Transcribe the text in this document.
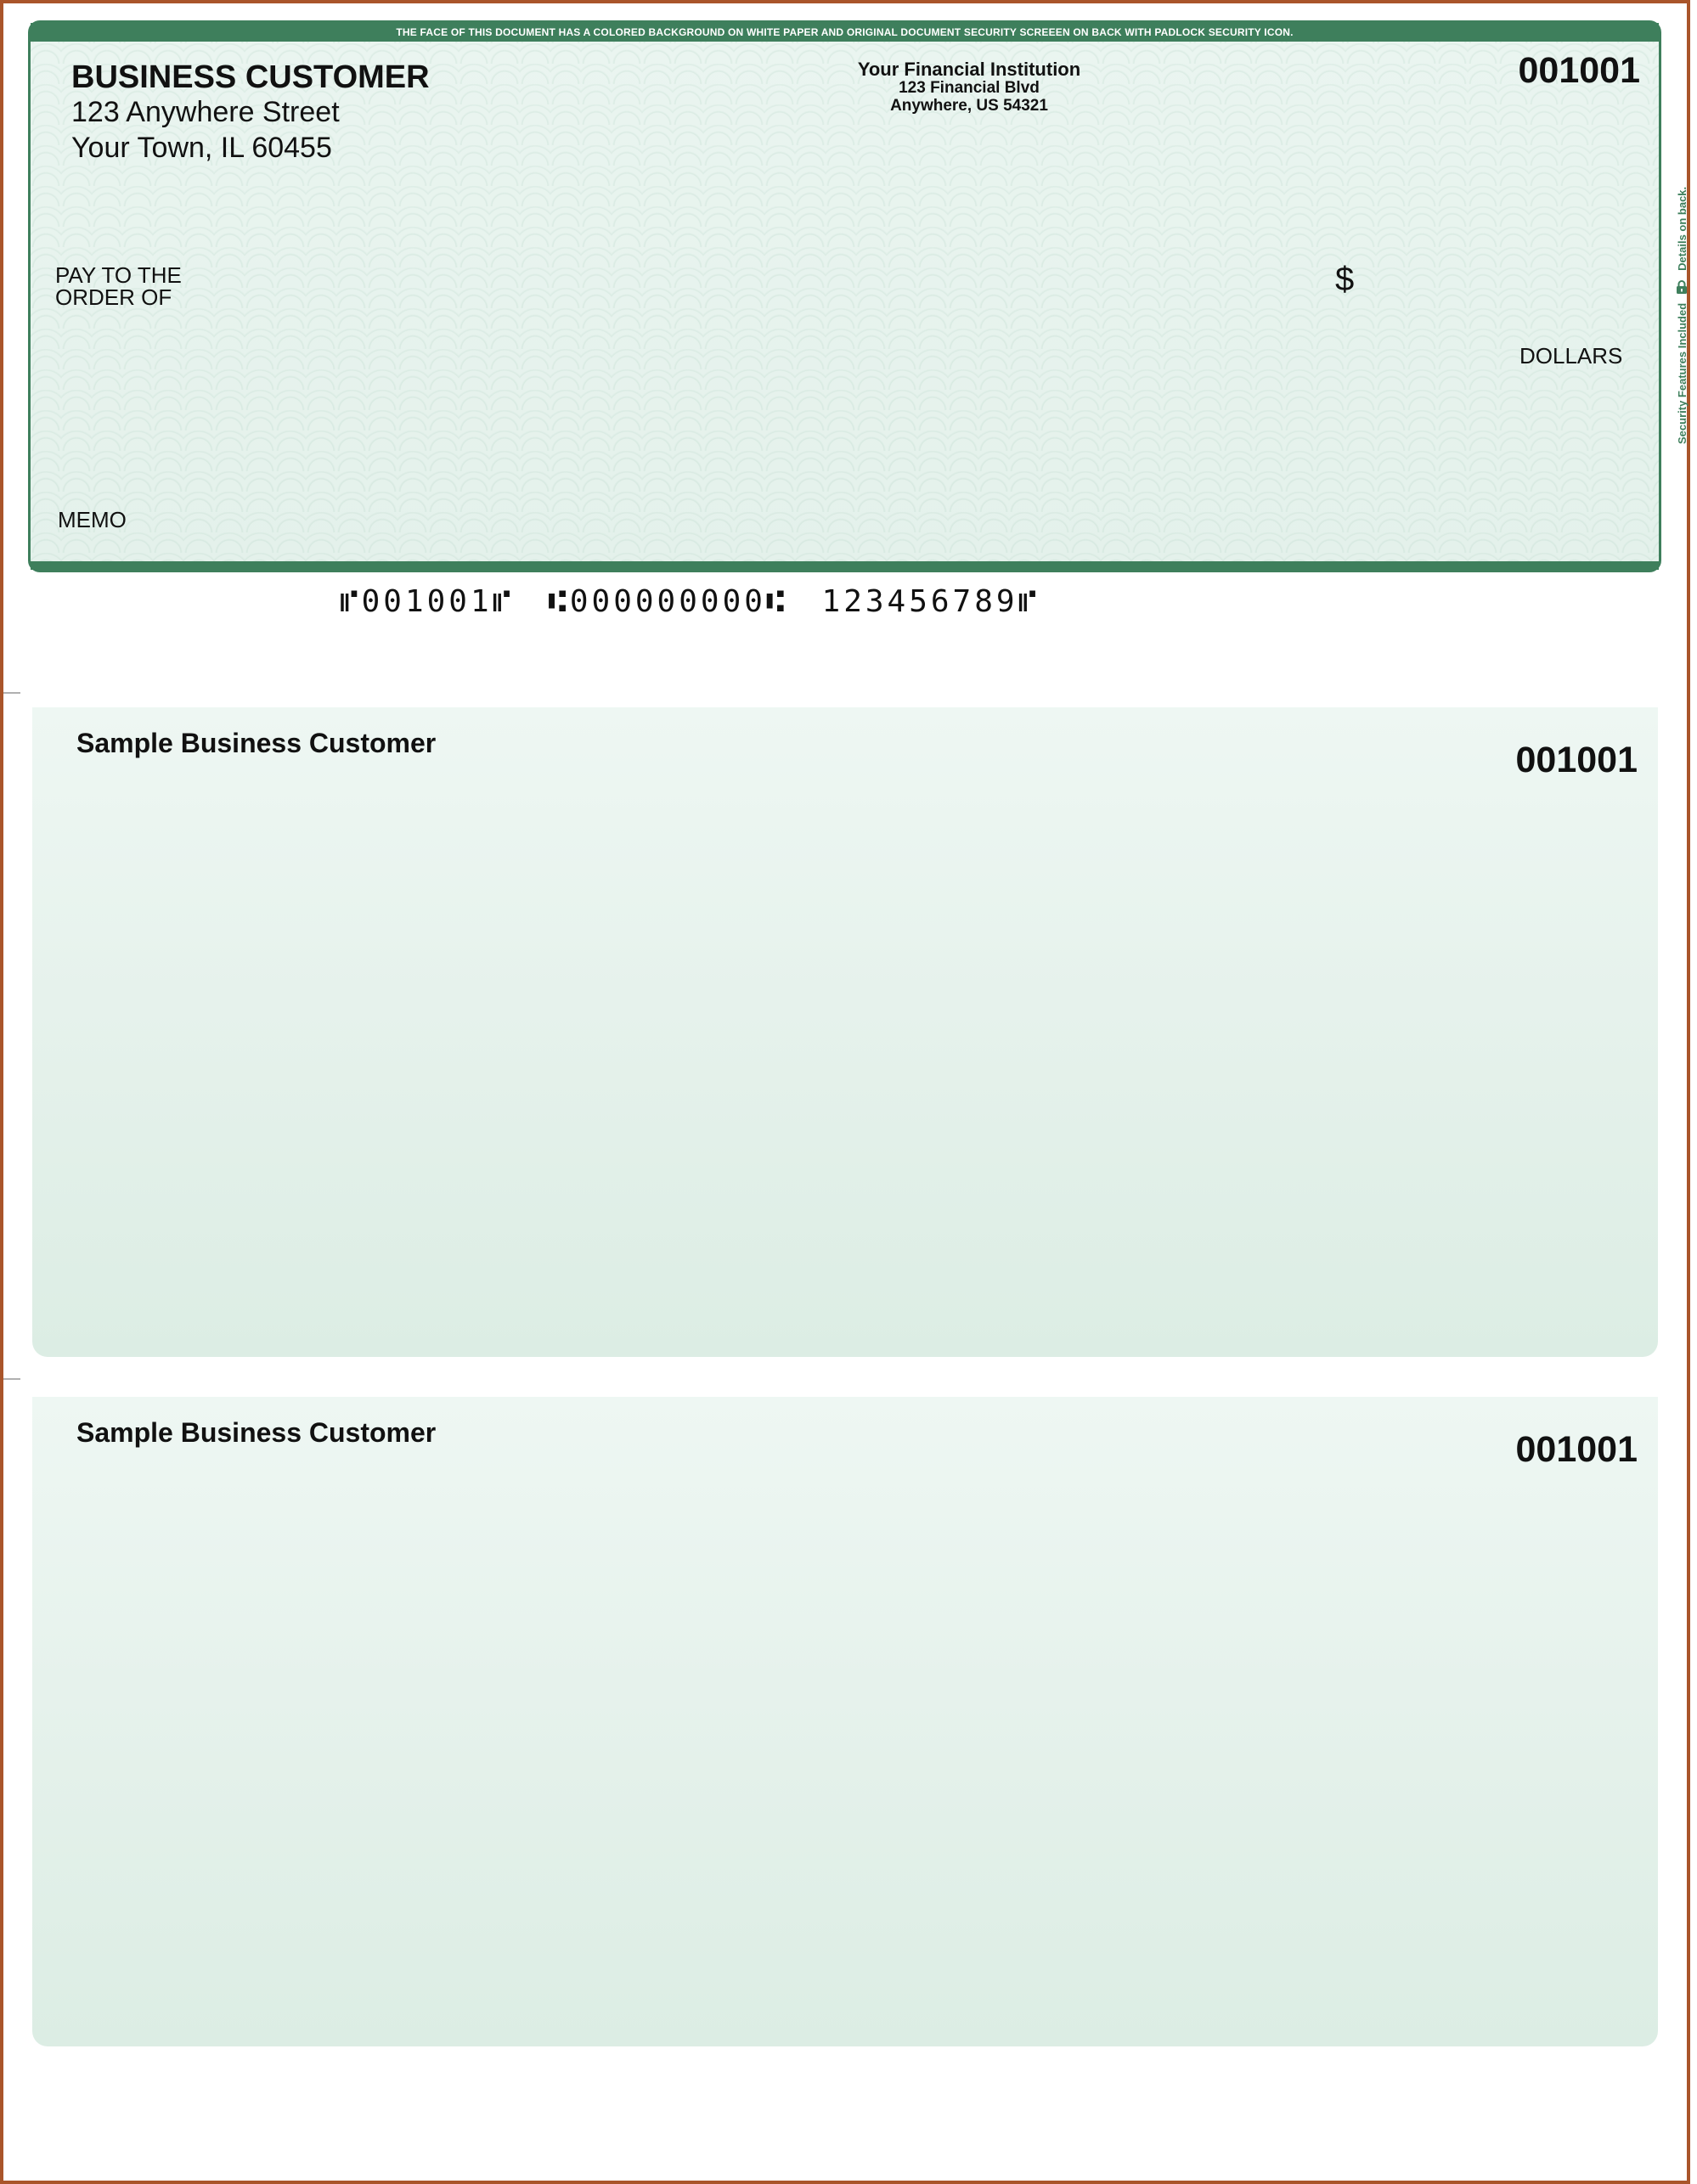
THE FACE OF THIS DOCUMENT HAS A COLORED BACKGROUND ON WHITE PAPER AND ORIGINAL DOCUMENT SECURITY SCREEEN ON BACK WITH PADLOCK SECURITY ICON.
BUSINESS CUSTOMER
123 Anywhere Street
Your Town, IL 60455
Your Financial Institution
123 Financial Blvd
Anywhere, US 54321
001001
PAY TO THE
ORDER OF	$
DOLLARS
MEMO
Security Features Included
Details on back.
⑈001001⑈ ⑆000000000⑆ 123456789⑈
Sample Business Customer	001001
Sample Business Customer	001001
